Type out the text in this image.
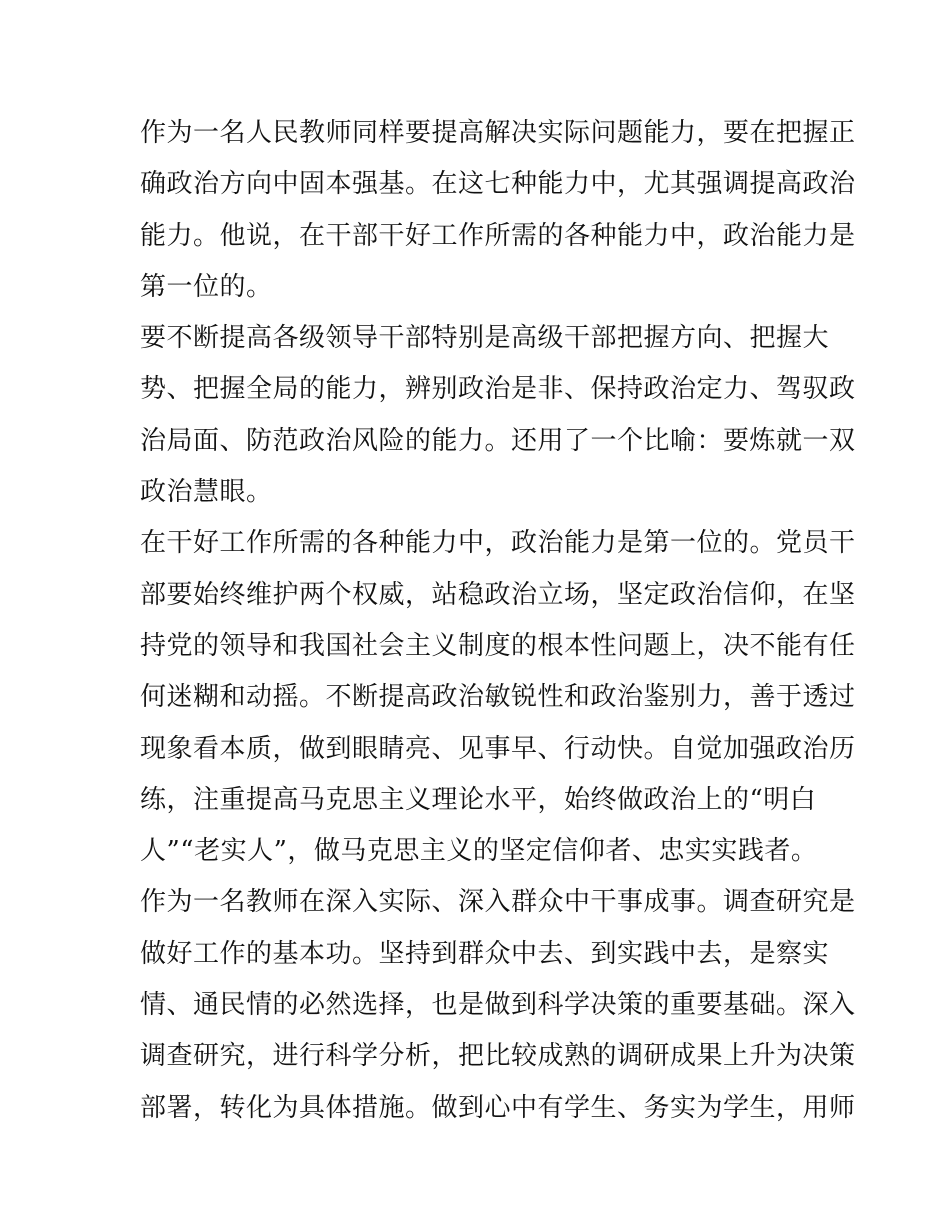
作为一名人民教师同样要提高解决实际问题能力，要在把握正
确政治方向中固本强基。在这七种能力中，尤其强调提高政治
能力。他说，在干部干好工作所需的各种能力中，政治能力是
第一位的。
要不断提高各级领导干部特别是高级干部把握方向、把握大
势、把握全局的能力，辨别政治是非、保持政治定力、驾驭政
治局面、防范政治风险的能力。还用了一个比喻：要炼就一双
政治慧眼。
在干好工作所需的各种能力中，政治能力是第一位的。党员干
部要始终维护两个权威，站稳政治立场，坚定政治信仰，在坚
持党的领导和我国社会主义制度的根本性问题上，决不能有任
何迷糊和动摇。不断提高政治敏锐性和政治鉴别力，善于透过
现象看本质，做到眼睛亮、见事早、行动快。自觉加强政治历
练，注重提高马克思主义理论水平，始终做政治上的“明白
人”“老实人”，做马克思主义的坚定信仰者、忠实实践者。
作为一名教师在深入实际、深入群众中干事成事。调查研究是
做好工作的基本功。坚持到群众中去、到实践中去，是察实
情、通民情的必然选择，也是做到科学决策的重要基础。深入
调查研究，进行科学分析，把比较成熟的调研成果上升为决策
部署，转化为具体措施。做到心中有学生、务实为学生，用师
